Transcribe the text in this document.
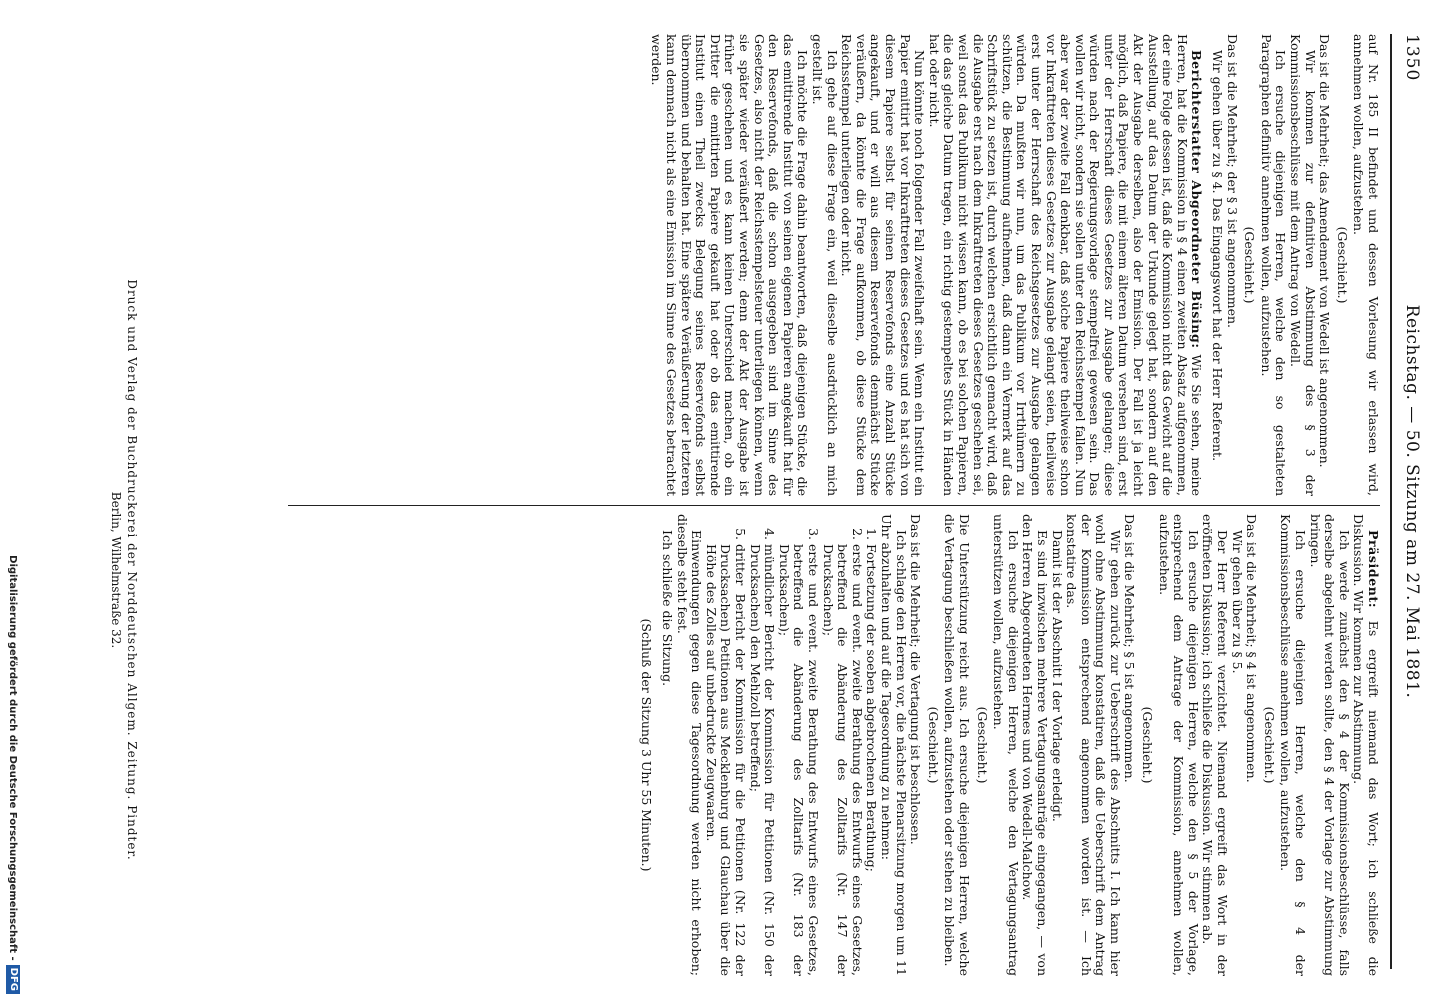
1350
Reichstag. — 50. Sitzung am 27. Mai 1881.

auf Nr. 185 II befindet und dessen Vorlesung wir erlassen wird, annehmen wollen, aufzustehen.

(Geschieht.)

Das ist die Mehrheit; das Amendement von Wedell ist angenommen.

Wir kommen zur definitiven Abstimmung des § 3 der Kommissionsbeschlüsse mit dem Antrag von Wedell.

Ich ersuche diejenigen Herren, welche den so gestalteten Paragraphen definitiv annehmen wollen, aufzustehen.

(Geschieht.)

Das ist die Mehrheit; der § 3 ist angenommen.

Wir gehen über zu § 4. Das Eingangswort hat der Herr Referent.

Berichterstatter Abgeordneter Büsing: Wie Sie sehen, meine Herren, hat die Kommission in § 4 einen zweiten Absatz aufgenommen, der eine Folge dessen ist, daß die Kommission nicht das Gewicht auf die Ausstellung, auf das Datum der Urkunde gelegt hat, sondern auf den Akt der Ausgabe derselben, also der Emission. Der Fall ist ja leicht möglich, daß Papiere, die mit einem älteren Datum versehen sind, erst unter der Herrschaft dieses Gesetzes zur Ausgabe gelangen; diese würden nach der Regierungsvorlage stempelfrei gewesen sein. Das wollen wir nicht, sondern sie sollen unter den Reichsstempel fallen. Nun aber war der zweite Fall denkbar, daß solche Papiere theilweise schon vor Inkrafttreten dieses Gesetzes zur Ausgabe gelangt seien, theilweise erst unter der Herrschaft des Reichsgesetzes zur Ausgabe gelangen würden. Da mußten wir nun, um das Publikum vor Irrthümern zu schützen, die Bestimmung aufnehmen, daß dann ein Vermerk auf das Schriftstück zu setzen ist, durch welchen ersichtlich gemacht wird, daß die Ausgabe erst nach dem Inkrafttreten dieses Gesetzes geschehen sei, weil sonst das Publikum nicht wissen kann, ob es bei solchen Papieren, die das gleiche Datum tragen, ein richtig gestempeltes Stück in Händen hat oder nicht.

Nun könnte noch folgender Fall zweifelhaft sein. Wenn ein Institut ein Papier emittirt hat vor Inkrafttreten dieses Gesetzes und es hat sich von diesem Papiere selbst für seinen Reservefonds eine Anzahl Stücke angekauft, und er will aus diesem Reservefonds demnächst Stücke veräußern, da könnte die Frage aufkommen, ob diese Stücke dem Reichsstempel unterliegen oder nicht.

Ich gehe auf diese Frage ein, weil dieselbe ausdrücklich an mich gestellt ist.

Ich möchte die Frage dahin beantworten, daß diejenigen Stücke, die das emittirende Institut von seinen eigenen Papieren angekauft hat für den Reservefonds, daß die schon ausgegeben sind im Sinne des Gesetzes, also nicht der Reichsstempelsteuer unterliegen können, wenn sie später wieder veräußert werden; denn der Akt der Ausgabe ist früher geschehen und es kann keinen Unterschied machen, ob ein Dritter die emittirten Papiere gekauft hat oder ob das emittirende Institut einen Theil zwecks Belegung seines Reservefonds selbst übernommen und behalten hat. Eine spätere Veräußerung der letzteren kann demnach nicht als eine Emission im Sinne des Gesetzes betrachtet werden.

Präsident: Es ergreift niemand das Wort; ich schließe die Diskussion. Wir kommen zur Abstimmung.

Ich werde zunächst den § 4 der Kommissionsbeschlüsse, falls derselbe abgelehnt werden sollte, den § 4 der Vorlage zur Abstimmung bringen.

Ich ersuche diejenigen Herren, welche den § 4 der Kommissionsbeschlüsse annehmen wollen, aufzustehen.

(Geschieht.)

Das ist die Mehrheit; § 4 ist angenommen.

Wir gehen über zu § 5.

Der Herr Referent verzichtet. Niemand ergreift das Wort in der eröffneten Diskussion; ich schließe die Diskussion. Wir stimmen ab.

Ich ersuche diejenigen Herren, welche den § 5 der Vorlage, entsprechend dem Antrage der Kommission, annehmen wollen, aufzustehen.

(Geschieht.)

Das ist die Mehrheit; § 5 ist angenommen.

Wir gehen zurück zur Ueberschrift des Abschnitts I. Ich kann hier wohl ohne Abstimmung konstatiren, daß die Ueberschrift dem Antrag der Kommission entsprechend angenommen worden ist. — Ich konstatire das.

Damit ist der Abschnitt I der Vorlage erledigt.

Es sind inzwischen mehrere Vertagungsanträge eingegangen, — von den Herren Abgeordneten Hermes und von Wedell-Malchow.

Ich ersuche diejenigen Herren, welche den Vertagungsantrag unterstützen wollen, aufzustehen.

(Geschieht.)

Die Unterstützung reicht aus. Ich ersuche diejenigen Herren, welche die Vertagung beschließen wollen, aufzustehen oder stehen zu bleiben.

(Geschieht.)

Das ist die Mehrheit; die Vertagung ist beschlossen.

Ich schlage den Herren vor, die nächste Plenarsitzung morgen um 11 Uhr abzuhalten und auf die Tagesordnung zu nehmen:

1. Fortsetzung der soeben abgebrochenen Berathung;
2. erste und event. zweite Berathung des Entwurfs eines Gesetzes, betreffend die Abänderung des Zolltarifs (Nr. 147 der Drucksachen);
3. erste und event. zweite Berathung des Entwurfs eines Gesetzes, betreffend die Abänderung des Zolltarifs (Nr. 183 der Drucksachen);
4. mündlicher Bericht der Kommission für Petitionen (Nr. 150 der Drucksachen) den Mehlzoll betreffend;
5. dritter Bericht der Kommission für die Petitionen (Nr. 122 der Drucksachen) Petitionen aus Mecklenburg und Glauchau über die Höhe des Zolles auf unbedruckte Zeugwaaren.

Einwendungen gegen diese Tagesordnung werden nicht erhoben; dieselbe steht fest.

Ich schließe die Sitzung.

(Schluß der Sitzung 3 Uhr 55 Minuten.)

Druck und Verlag der Buchdruckerei der Norddeutschen Allgem. Zeitung. Pindter.
Berlin, Wilhelmstraße 32.
Digitalisierung gefördert durch die Deutsche Forschungsgemeinschaft -DFG
